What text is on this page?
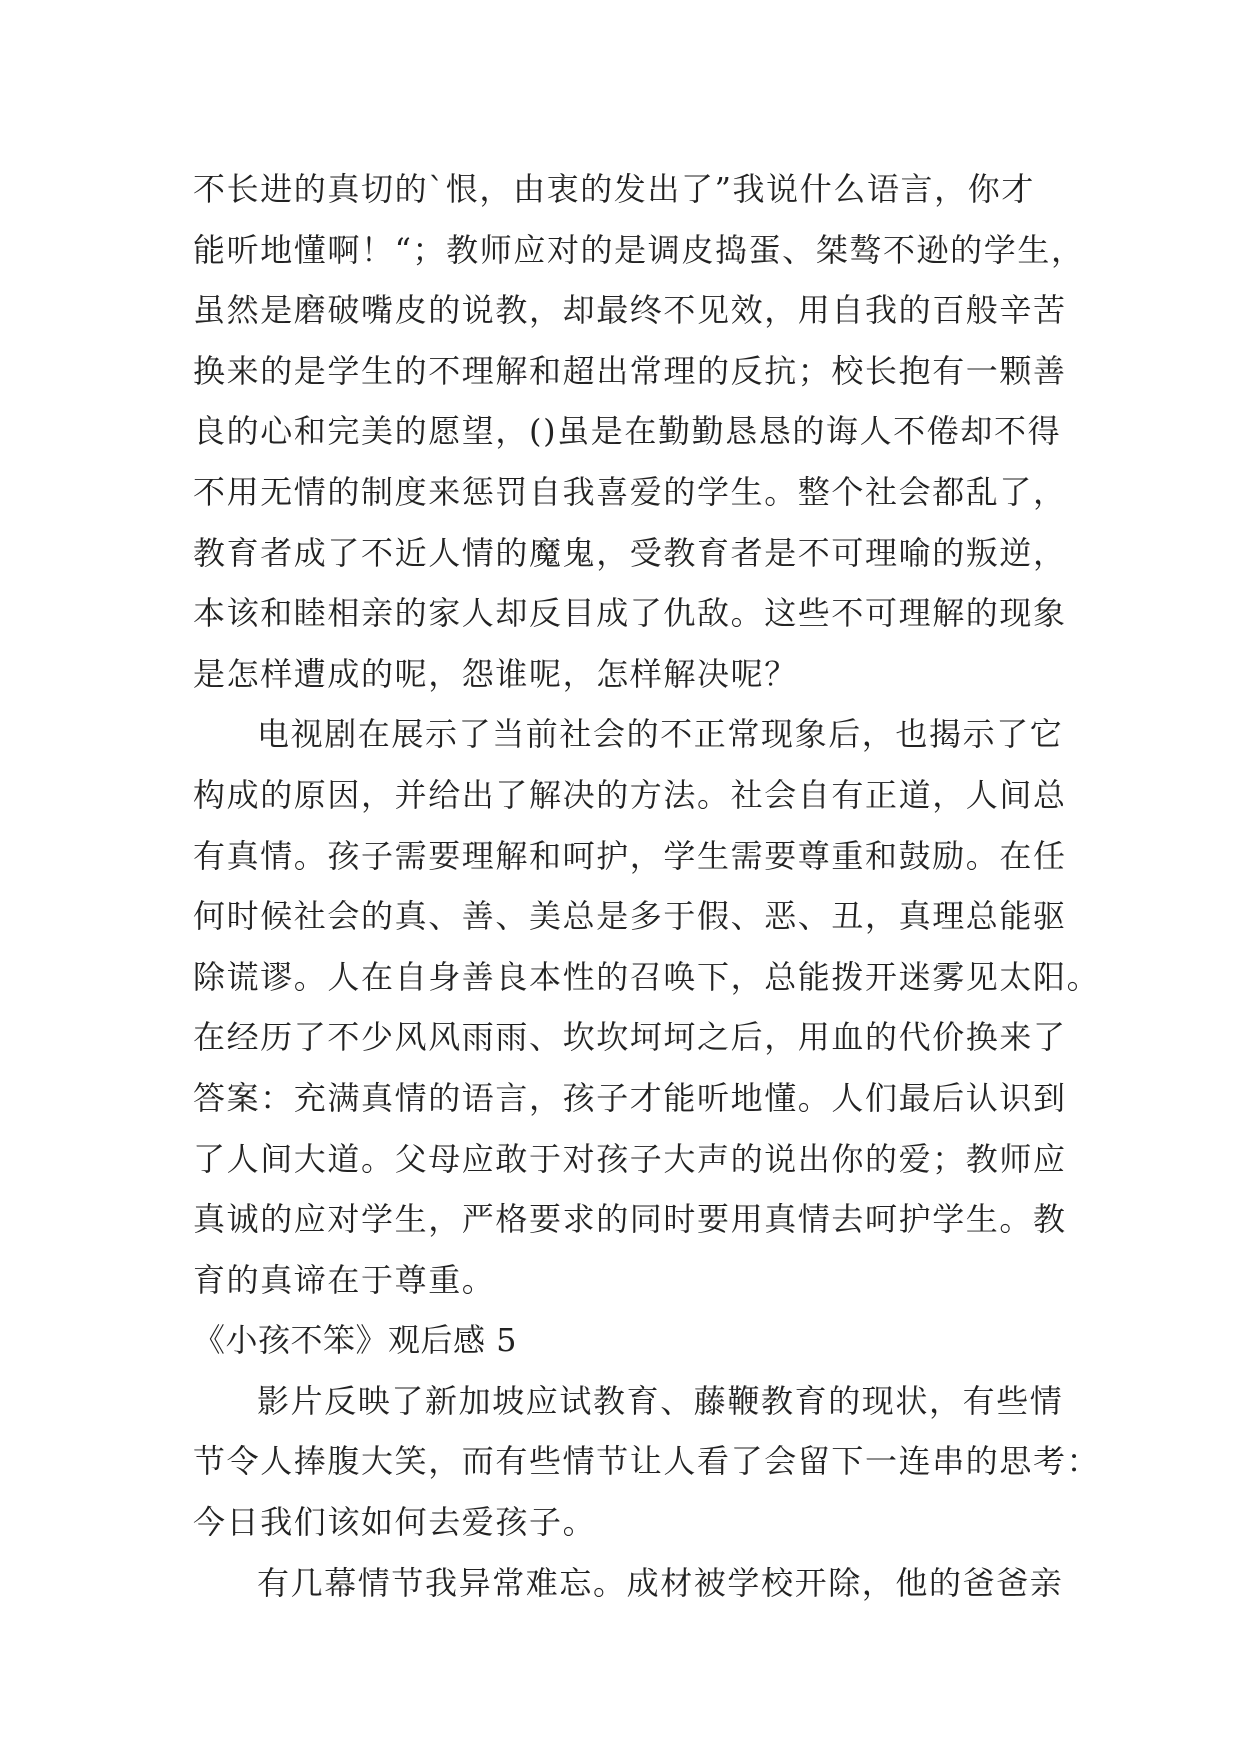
不长进的真切的`恨，由衷的发出了”我说什么语言，你才
能听地懂啊！“；教师应对的是调皮捣蛋、桀骜不逊的学生，
虽然是磨破嘴皮的说教，却最终不见效，用自我的百般辛苦
换来的是学生的不理解和超出常理的反抗；校长抱有一颗善
良的心和完美的愿望，()虽是在勤勤恳恳的诲人不倦却不得
不用无情的制度来惩罚自我喜爱的学生。整个社会都乱了，
教育者成了不近人情的魔鬼，受教育者是不可理喻的叛逆，
本该和睦相亲的家人却反目成了仇敌。这些不可理解的现象
是怎样遭成的呢，怨谁呢，怎样解决呢？
电视剧在展示了当前社会的不正常现象后，也揭示了它
构成的原因，并给出了解决的方法。社会自有正道，人间总
有真情。孩子需要理解和呵护，学生需要尊重和鼓励。在任
何时候社会的真、善、美总是多于假、恶、丑，真理总能驱
除谎谬。人在自身善良本性的召唤下，总能拨开迷雾见太阳。
在经历了不少风风雨雨、坎坎坷坷之后，用血的代价换来了
答案：充满真情的语言，孩子才能听地懂。人们最后认识到
了人间大道。父母应敢于对孩子大声的说出你的爱；教师应
真诚的应对学生，严格要求的同时要用真情去呵护学生。教
育的真谛在于尊重。
《小孩不笨》观后感 5
影片反映了新加坡应试教育、藤鞭教育的现状，有些情
节令人捧腹大笑，而有些情节让人看了会留下一连串的思考：
今日我们该如何去爱孩子。
有几幕情节我异常难忘。成材被学校开除，他的爸爸亲
